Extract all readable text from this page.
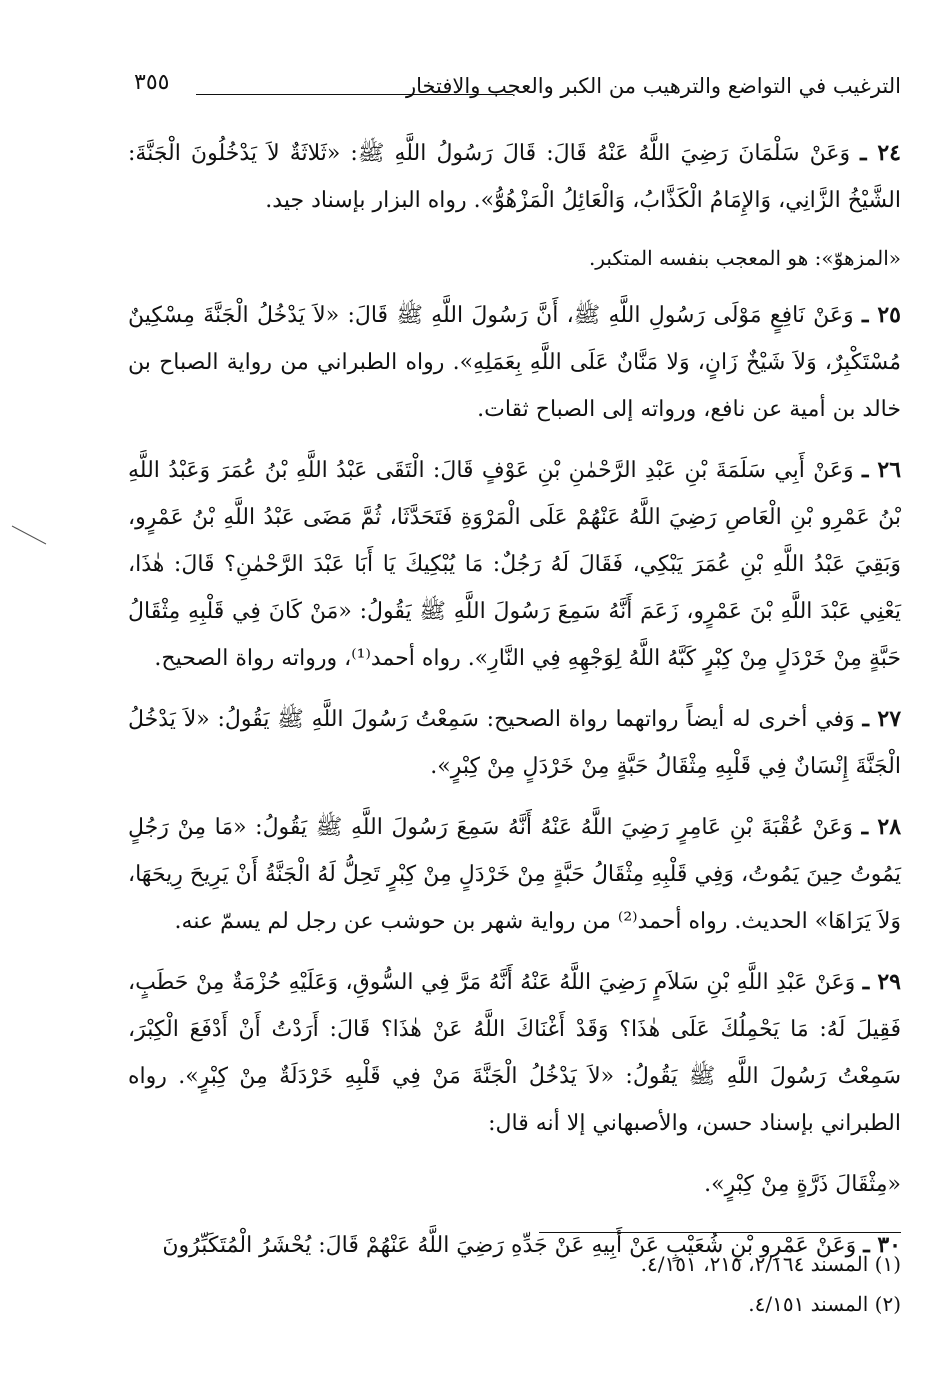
الترغيب في التواضع والترهيب من الكبر والعجب والافتخار
٣٥٥

٢٤ ـ وَعَنْ سَلْمَانَ رَضِيَ اللَّهُ عَنْهُ قَالَ: قَالَ رَسُولُ اللَّهِ ﷺ: «ثَلاثَةٌ لاَ يَدْخُلُونَ الْجَنَّةَ: الشَّيْخُ الزَّانِي، وَالإِمَامُ الْكَذَّابُ، وَالْعَائِلُ الْمَزْهُوُّ». رواه البزار بإسناد جيد.

«المزهوّ»: هو المعجب بنفسه المتكبر.

٢٥ ـ وَعَنْ نَافِعٍ مَوْلَى رَسُولِ اللَّهِ ﷺ، أَنَّ رَسُولَ اللَّهِ ﷺ قَالَ: «لاَ يَدْخُلُ الْجَنَّةَ مِسْكِينٌ مُسْتَكْبِرٌ، وَلاَ شَيْخٌ زَانٍ، وَلا مَنَّانٌ عَلَى اللَّهِ بِعَمَلِهِ». رواه الطبراني من رواية الصباح بن خالد بن أمية عن نافع، ورواته إلى الصباح ثقات.

٢٦ ـ وَعَنْ أَبِي سَلَمَةَ بْنِ عَبْدِ الرَّحْمٰنِ بْنِ عَوْفٍ قَالَ: الْتَقَى عَبْدُ اللَّهِ بْنُ عُمَرَ وَعَبْدُ اللَّهِ بْنُ عَمْرِو بْنِ الْعَاصِ رَضِيَ اللَّهُ عَنْهُمْ عَلَى الْمَرْوَةِ فَتَحَدَّثَا، ثُمَّ مَضَى عَبْدُ اللَّهِ بْنُ عَمْرٍو، وَبَقِيَ عَبْدُ اللَّهِ بْنِ عُمَرَ يَبْكِي، فَقَالَ لَهُ رَجُلٌ: مَا يُبْكِيكَ يَا أَبَا عَبْدَ الرَّحْمٰنِ؟ قَالَ: هٰذَا، يَعْنِي عَبْدَ اللَّهِ بْنَ عَمْرٍو، زَعَمَ أَنَّهُ سَمِعَ رَسُولَ اللَّهِ ﷺ يَقُولُ: «مَنْ كَانَ فِي قَلْبِهِ مِثْقَالُ حَبَّةٍ مِنْ خَرْدَلٍ مِنْ كِبْرٍ كَبَّهُ اللَّهُ لِوَجْهِهِ فِي النَّارِ». رواه أحمد⁽¹⁾، ورواته رواة الصحيح.

٢٧ ـ وَفي أخرى له أيضاً رواتهما رواة الصحيح: سَمِعْتُ رَسُولَ اللَّهِ ﷺ يَقُولُ: «لاَ يَدْخُلُ الْجَنَّةَ إِنْسَانٌ فِي قَلْبِهِ مِثْقَالُ حَبَّةٍ مِنْ خَرْدَلٍ مِنْ كِبْرٍ».

٢٨ ـ وَعَنْ عُقْبَةَ بْنِ عَامِرٍ رَضِيَ اللَّهُ عَنْهُ أَنَّهُ سَمِعَ رَسُولَ اللَّهِ ﷺ يَقُولُ: «مَا مِنْ رَجُلٍ يَمُوتُ حِينَ يَمُوتُ، وَفِي قَلْبِهِ مِثْقَالُ حَبَّةٍ مِنْ خَرْدَلٍ مِنْ كِبْرٍ تَحِلُّ لَهُ الْجَنَّةُ أَنْ يَرِيحَ رِيحَهَا، وَلاَ يَرَاهَا» الحديث. رواه أحمد⁽²⁾ من رواية شهر بن حوشب عن رجل لم يسمّ عنه.

٢٩ ـ وَعَنْ عَبْدِ اللَّهِ بْنِ سَلاَمٍ رَضِيَ اللَّهُ عَنْهُ أَنَّهُ مَرَّ فِي السُّوقِ، وَعَلَيْهِ حُزْمَةٌ مِنْ حَطَبٍ، فَقِيلَ لَهُ: مَا يَحْمِلُكَ عَلَى هٰذَا؟ وَقَدْ أَغْنَاكَ اللَّهُ عَنْ هٰذَا؟ قَالَ: أَرَدْتُ أَنْ أَدْفَعَ الْكِبْرَ، سَمِعْتُ رَسُولَ اللَّهِ ﷺ يَقُولُ: «لاَ يَدْخُلُ الْجَنَّةَ مَنْ فِي قَلْبِهِ خَرْدَلَةٌ مِنْ كِبْرٍ». رواه الطبراني بإسناد حسن، والأصبهاني إلا أنه قال:

«مِثْقَالَ ذَرَّةٍ مِنْ كِبْرٍ».

٣٠ ـ وَعَنْ عَمْرِو بْنِ شُعَيْبٍ عَنْ أَبِيهِ عَنْ جَدِّهِ رَضِيَ اللَّهُ عَنْهُمْ قَالَ: يُحْشَرُ الْمُتَكَبِّرُونَ

(١) المسند ٢/١٦٤، ٢١٥، ٤/١٥١.
(٢) المسند ٤/١٥١.
